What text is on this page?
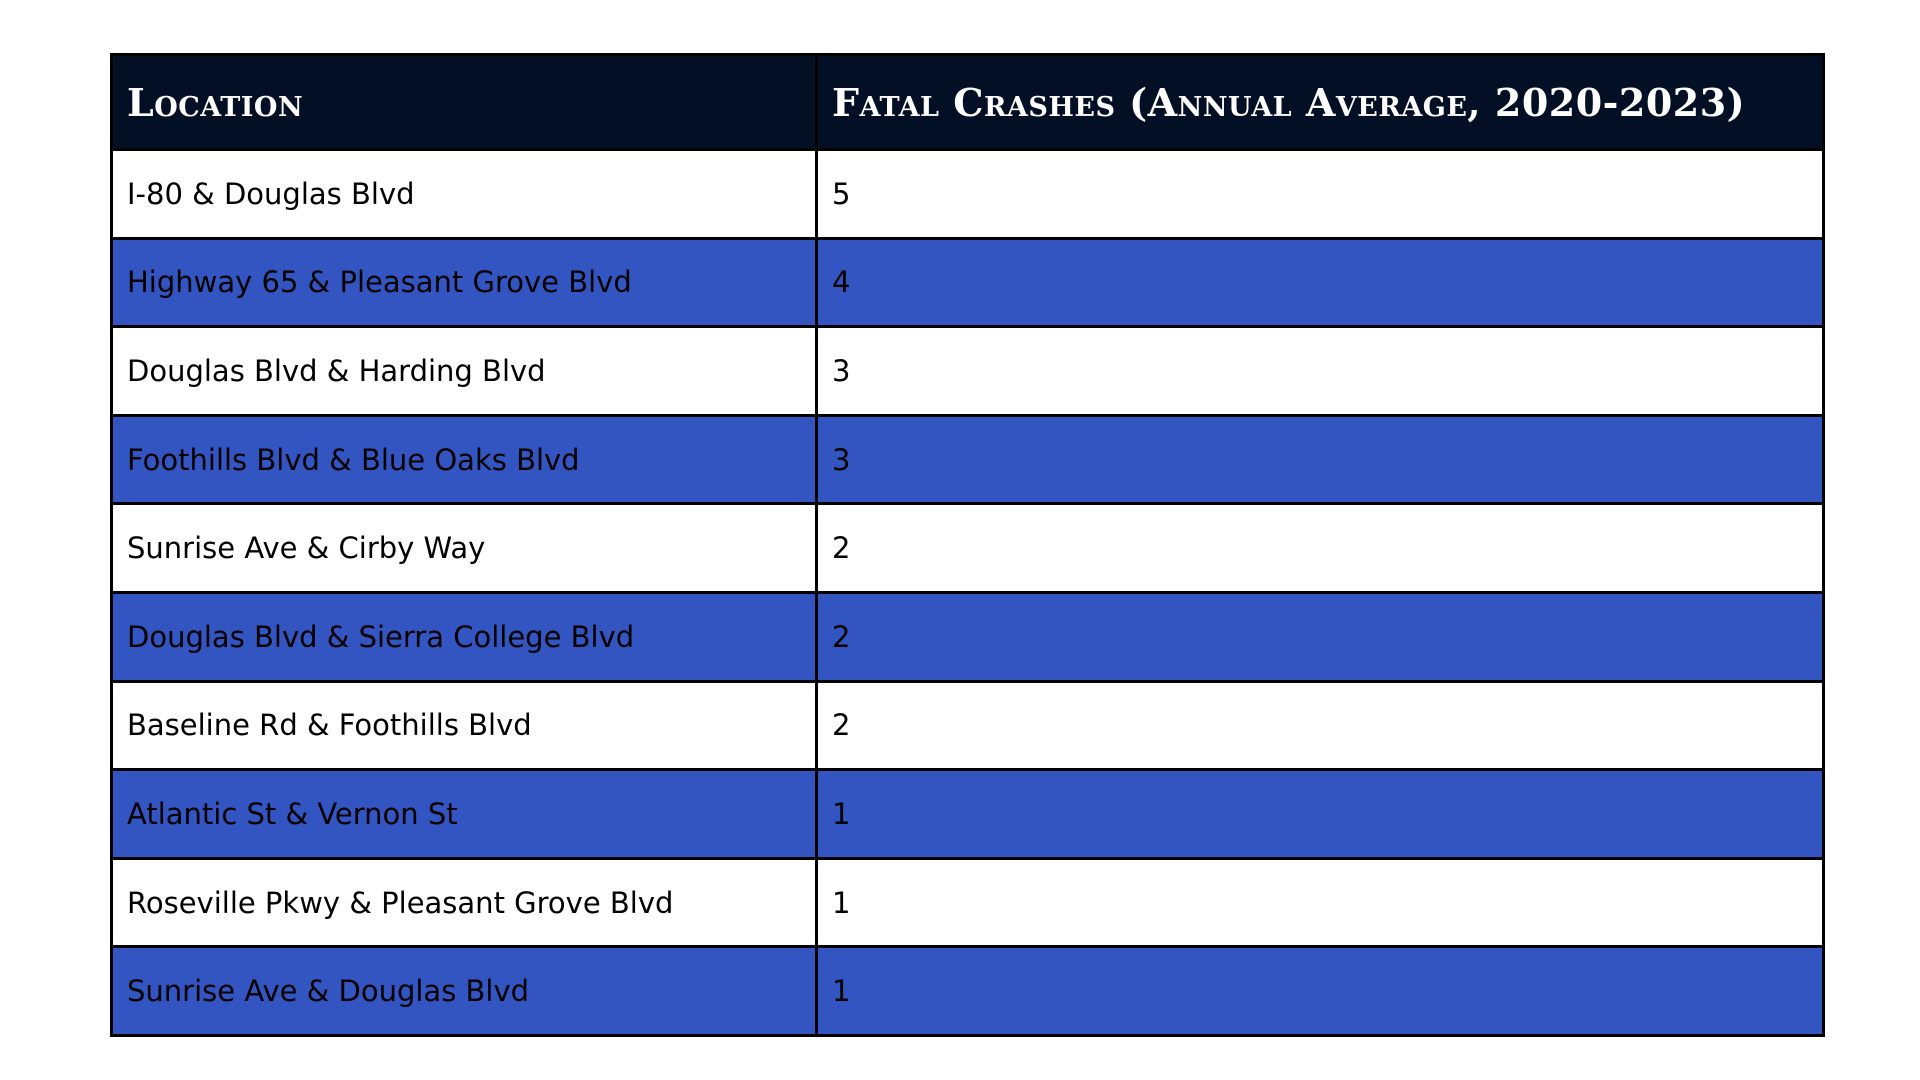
Location	Fatal Crashes (Annual Average, 2020-2023)
I-80 & Douglas Blvd	5
Highway 65 & Pleasant Grove Blvd	4
Douglas Blvd & Harding Blvd	3
Foothills Blvd & Blue Oaks Blvd	3
Sunrise Ave & Cirby Way	2
Douglas Blvd & Sierra College Blvd	2
Baseline Rd & Foothills Blvd	2
Atlantic St & Vernon St	1
Roseville Pkwy & Pleasant Grove Blvd	1
Sunrise Ave & Douglas Blvd	1
